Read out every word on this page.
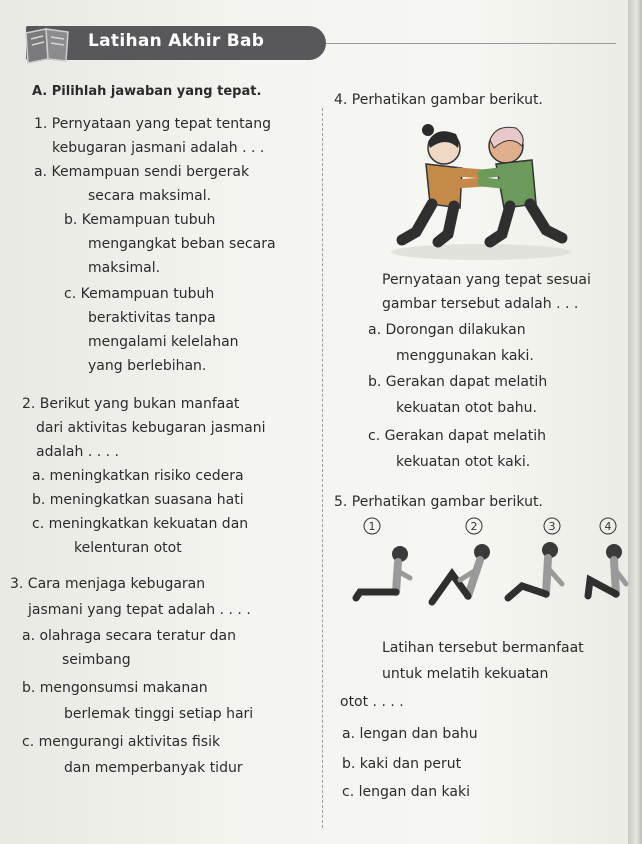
Latihan Akhir Bab
A. Pilihlah jawaban yang tepat.
1. Pernyataan yang tepat tentang
kebugaran jasmani adalah . . .
a. Kemampuan sendi bergerak
secara maksimal.
b. Kemampuan tubuh
mengangkat beban secara
maksimal.
c. Kemampuan tubuh
beraktivitas tanpa
mengalami kelelahan
yang berlebihan.
2. Berikut yang bukan manfaat
dari aktivitas kebugaran jasmani
adalah . . . .
a. meningkatkan risiko cedera
b. meningkatkan suasana hati
c. meningkatkan kekuatan dan
kelenturan otot
3. Cara menjaga kebugaran
jasmani yang tepat adalah . . . .
a. olahraga secara teratur dan
seimbang
b. mengonsumsi makanan
berlemak tinggi setiap hari
c. mengurangi aktivitas fisik
dan memperbanyak tidur
4. Perhatikan gambar berikut.
Pernyataan yang tepat sesuai
gambar tersebut adalah . . .
a. Dorongan dilakukan
menggunakan kaki.
b. Gerakan dapat melatih
kekuatan otot bahu.
c. Gerakan dapat melatih
kekuatan otot kaki.
5. Perhatikan gambar berikut.
1	2	3	4
Latihan tersebut bermanfaat
untuk melatih kekuatan
otot . . . .
a. lengan dan bahu
b. kaki dan perut
c. lengan dan kaki
